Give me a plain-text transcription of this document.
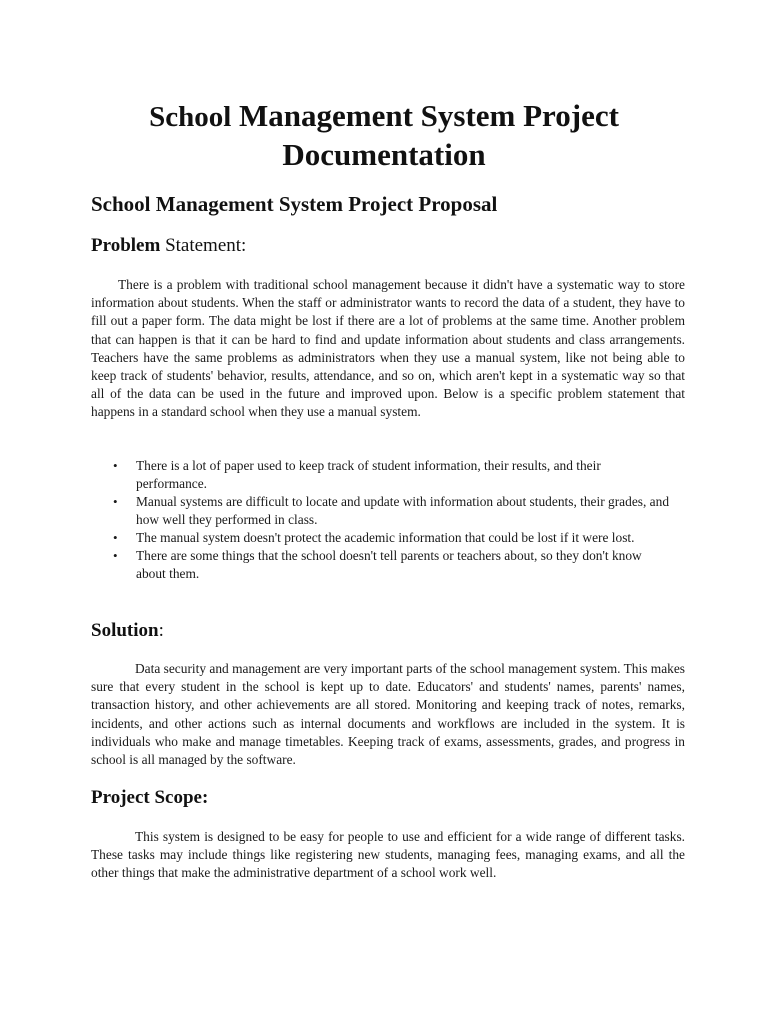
School Management System Project Documentation
School Management System Project Proposal
Problem Statement:

There is a problem with traditional school management because it didn't have a systematic way to store information about students. When the staff or administrator wants to record the data of a student, they have to fill out a paper form. The data might be lost if there are a lot of problems at the same time. Another problem that can happen is that it can be hard to find and update information about students and class arrangements. Teachers have the same problems as administrators when they use a manual system, like not being able to keep track of students' behavior, results, attendance, and so on, which aren't kept in a systematic way so that all of the data can be used in the future and improved upon. Below is a specific problem statement that happens in a standard school when they use a manual system.

• There is a lot of paper used to keep track of student information, their results, and their performance.
• Manual systems are difficult to locate and update with information about students, their grades, and how well they performed in class.
• The manual system doesn't protect the academic information that could be lost if it were lost.
• There are some things that the school doesn't tell parents or teachers about, so they don't know about them.
Solution:

Data security and management are very important parts of the school management system. This makes sure that every student in the school is kept up to date. Educators' and students' names, parents' names, transaction history, and other achievements are all stored. Monitoring and keeping track of notes, remarks, incidents, and other actions such as internal documents and workflows are included in the system. It is individuals who make and manage timetables. Keeping track of exams, assessments, grades, and progress in school is all managed by the software.

Project Scope:

This system is designed to be easy for people to use and efficient for a wide range of different tasks. These tasks may include things like registering new students, managing fees, managing exams, and all the other things that make the administrative department of a school work well.
